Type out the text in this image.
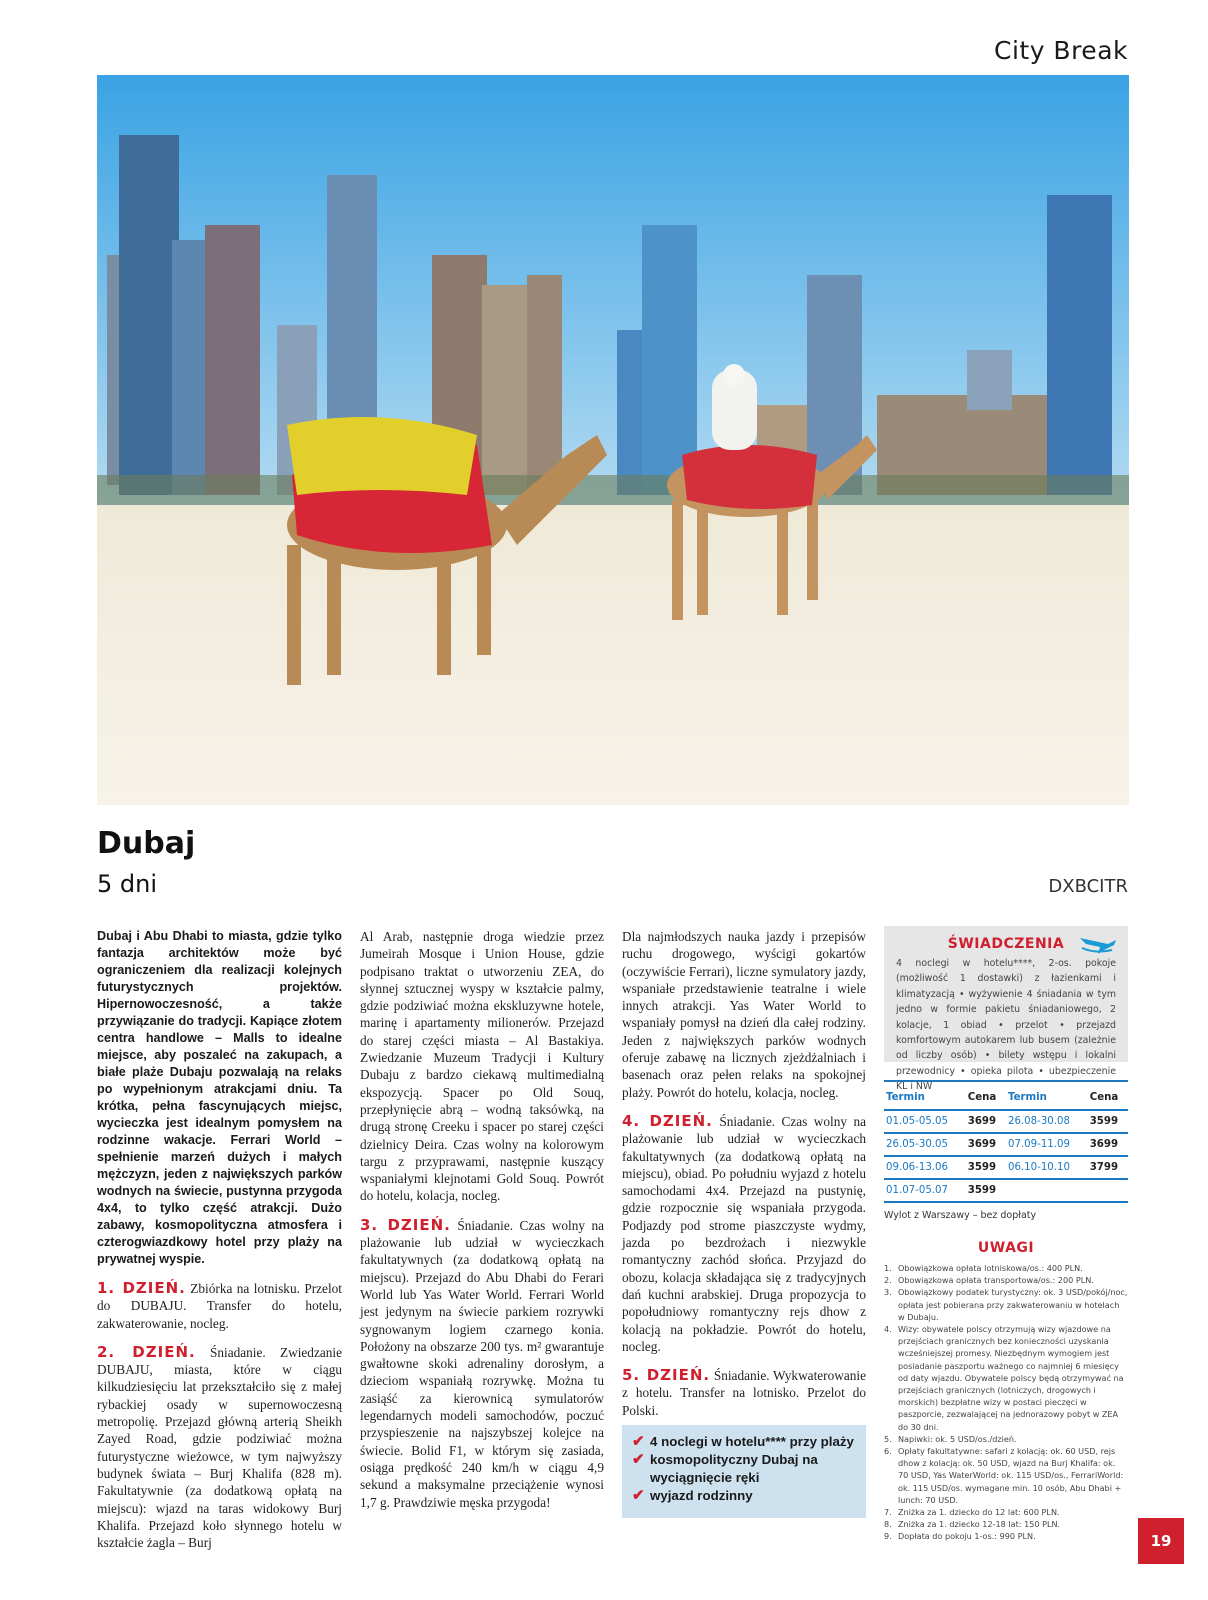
City Break
Dubaj
5 dni	DXBCITR
Dubaj i Abu Dhabi to miasta, gdzie tylko fantazja architektów może być ograniczeniem dla realizacji kolejnych futurystycznych projektów. Hipernowoczesność, a także przywiązanie do tradycji. Kapiące złotem centra handlowe – Malls to idealne miejsce, aby poszaleć na zakupach, a białe plaże Dubaju pozwalają na relaks po wypełnionym atrakcjami dniu. Ta krótka, pełna fascynujących miejsc, wycieczka jest idealnym pomysłem na rodzinne wakacje. Ferrari World – spełnienie marzeń dużych i małych mężczyzn, jeden z największych parków wodnych na świecie, pustynna przygoda 4x4, to tylko część atrakcji. Dużo zabawy, kosmopolityczna atmosfera i czterogwiazdkowy hotel przy plaży na prywatnej wyspie.
1. DZIEŃ. Zbiórka na lotnisku. Przelot do DUBAJU. Transfer do hotelu, zakwaterowanie, nocleg.

2. DZIEŃ. Śniadanie. Zwiedzanie DUBAJU, miasta, które w ciągu kilkudziesięciu lat przekształciło się z małej rybackiej osady w supernowoczesną metropolię. Przejazd główną arterią Sheikh Zayed Road, gdzie podziwiać można futurystyczne wieżowce, w tym najwyższy budynek świata – Burj Khalifa (828 m). Fakultatywnie (za dodatkową opłatą na miejscu): wjazd na taras widokowy Burj Khalifa. Przejazd koło słynnego hotelu w kształcie żagla – Burj

Al Arab, następnie droga wiedzie przez Jumeirah Mosque i Union House, gdzie podpisano traktat o utworzeniu ZEA, do słynnej sztucznej wyspy w kształcie palmy, gdzie podziwiać można ekskluzywne hotele, marinę i apartamenty milionerów. Przejazd do starej części miasta – Al Bastakiya. Zwiedzanie Muzeum Tradycji i Kultury Dubaju z bardzo ciekawą multimedialną ekspozycją. Spacer po Old Souq, przepłynięcie abrą – wodną taksówką, na drugą stronę Creeku i spacer po starej części dzielnicy Deira. Czas wolny na kolorowym targu z przyprawami, następnie kuszący wspaniałymi klejnotami Gold Souq. Powrót do hotelu, kolacja, nocleg.
3. DZIEŃ. Śniadanie. Czas wolny na plażowanie lub udział w wycieczkach fakultatywnych (za dodatkową opłatą na miejscu). Przejazd do Abu Dhabi do Ferari World lub Yas Water World. Ferrari World jest jedynym na świecie parkiem rozrywki sygnowanym logiem czarnego konia. Położony na obszarze 200 tys. m² gwarantuje gwałtowne skoki adrenaliny dorosłym, a dzieciom wspaniałą rozrywkę. Można tu zasiąść za kierownicą symulatorów legendarnych modeli samochodów, poczuć przyspieszenie na najszybszej kolejce na świecie. Bolid F1, w którym się zasiada, osiąga prędkość 240 km/h w ciągu 4,9 sekund a maksymalne przeciążenie wynosi 1,7 g. Prawdziwie męska przygoda!

Dla najmłodszych nauka jazdy i przepisów ruchu drogowego, wyścigi gokartów (oczywiście Ferrari), liczne symulatory jazdy, wspaniałe przedstawienie teatralne i wiele innych atrakcji. Yas Water World to wspaniały pomysł na dzień dla całej rodziny. Jeden z największych parków wodnych oferuje zabawę na licznych zjeżdżalniach i basenach oraz pełen relaks na spokojnej plaży. Powrót do hotelu, kolacja, nocleg.
4. DZIEŃ. Śniadanie. Czas wolny na plażowanie lub udział w wycieczkach fakultatywnych (za dodatkową opłatą na miejscu), obiad. Po południu wyjazd z hotelu samochodami 4x4. Przejazd na pustynię, gdzie rozpocznie się wspaniała przygoda. Podjazdy pod strome piaszczyste wydmy, jazda po bezdrożach i niezwykle romantyczny zachód słońca. Przyjazd do obozu, kolacja składająca się z tradycyjnych dań kuchni arabskiej. Druga propozycja to popołudniowy romantyczny rejs dhow z kolacją na pokładzie. Powrót do hotelu, nocleg.

5. DZIEŃ. Śniadanie. Wykwaterowanie z hotelu. Transfer na lotnisko. Przelot do Polski.

✔ 4 noclegi w hotelu**** przy plaży
✔ kosmopolityczny Dubaj na wyciągnięcie ręki
✔ wyjazd rodzinny
ŚWIADCZENIA

4 noclegi w hotelu****, 2-os. pokoje (możliwość 1 dostawki) z łazienkami i klimatyzacją • wyżywienie 4 śniadania w tym jedno w formie pakietu śniadaniowego, 2 kolacje, 1 obiad • przelot • przejazd komfortowym autokarem lub busem (zależnie od liczby osób) • bilety wstępu i lokalni przewodnicy • opieka pilota • ubezpieczenie KL i NW

Termin	Cena	Termin	Cena
01.05-05.05	3699	26.08-30.08	3599
26.05-30.05	3699	07.09-11.09	3699
09.06-13.06	3599	06.10-10.10	3799
01.07-05.07	3599		
Wylot z Warszawy – bez dopłaty
UWAGI
1. Obowiązkowa opłata lotniskowa/os.: 400 PLN.
2. Obowiązkowa opłata transportowa/os.: 200 PLN.
3. Obowiązkowy podatek turystyczny: ok. 3 USD/pokój/noc, opłata jest pobierana przy zakwaterowaniu w hotelach w Dubaju.
4. Wizy: obywatele polscy otrzymują wizy wjazdowe na przejściach granicznych bez konieczności uzyskania wcześniejszej promesy. Niezbędnym wymogiem jest posiadanie paszportu ważnego co najmniej 6 miesięcy od daty wjazdu. Obywatele polscy będą otrzymywać na przejściach granicznych (lotniczych, drogowych i morskich) bezpłatne wizy w postaci pieczęci w paszporcie, zezwalającej na jednorazowy pobyt w ZEA do 30 dni.
5. Napiwki: ok. 5 USD/os./dzień.
6. Opłaty fakultatywne: safari z kolacją: ok. 60 USD, rejs dhow z kolacją: ok. 50 USD, wjazd na Burj Khalifa: ok. 70 USD, Yas WaterWorld: ok. 115 USD/os., FerrariWorld: ok. 115 USD/os. wymagane min. 10 osób, Abu Dhabi + lunch: 70 USD.
7. Zniżka za 1. dziecko do 12 lat: 600 PLN.
8. Zniżka za 1. dziecko 12-18 lat: 150 PLN.
9. Dopłata do pokoju 1-os.: 990 PLN.	19
